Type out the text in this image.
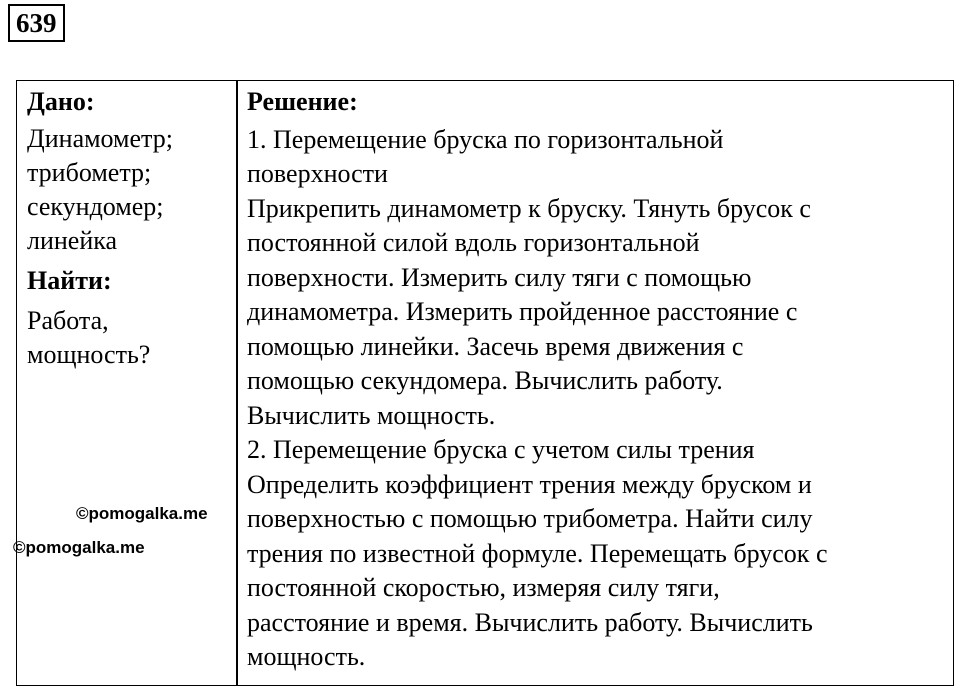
639
Дано:
Динамометр;
трибометр;
секундомер;
линейка
Найти:
Работа,
мощность?
Решение:
1. Перемещение бруска по горизонтальной
поверхности
Прикрепить динамометр к бруску. Тянуть брусок с
постоянной силой вдоль горизонтальной
поверхности. Измерить силу тяги с помощью
динамометра. Измерить пройденное расстояние с
помощью линейки. Засечь время движения с
помощью секундомера. Вычислить работу.
Вычислить мощность.
2. Перемещение бруска с учетом силы трения
Определить коэффициент трения между бруском и
поверхностью с помощью трибометра. Найти силу
трения по известной формуле. Перемещать брусок с
постоянной скоростью, измеряя силу тяги,
расстояние и время. Вычислить работу. Вычислить
мощность.
©pomogalka.me
©pomogalka.me
